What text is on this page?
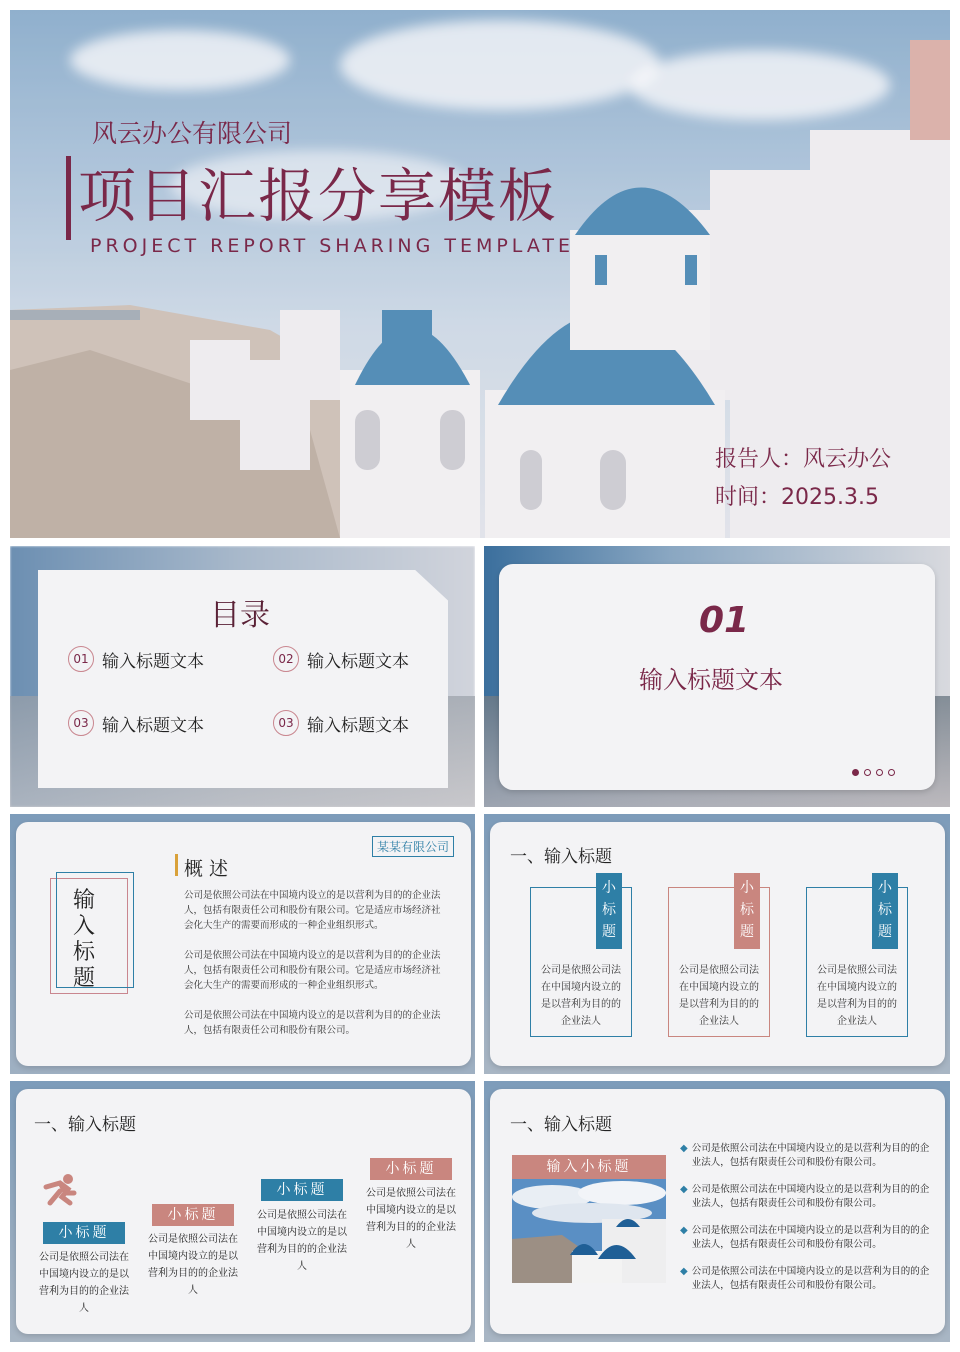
风云办公有限公司
项目汇报分享模板
PROJECT REPORT SHARING TEMPLATE
报告人：风云办公
时间：2025.3.5
目录
01 输入标题文本	02 输入标题文本
03 输入标题文本	03 输入标题文本
01
输入标题文本
某某有限公司
输入标题
概 述
公司是依照公司法在中国境内设立的是以营利为目的的企业法人，包括有限责任公司和股份有限公司。它是适应市场经济社会化大生产的需要而形成的一种企业组织形式。
公司是依照公司法在中国境内设立的是以营利为目的的企业法人，包括有限责任公司和股份有限公司。它是适应市场经济社会化大生产的需要而形成的一种企业组织形式。
公司是依照公司法在中国境内设立的是以营利为目的的企业法人，包括有限责任公司和股份有限公司。
一、输入标题
小标题
公司是依照公司法在中国境内设立的是以营利为目的的企业法人
小标题
公司是依照公司法在中国境内设立的是以营利为目的的企业法人
小标题
公司是依照公司法在中国境内设立的是以营利为目的的企业法人
一、输入标题
小标题
公司是依照公司法在中国境内设立的是以营利为目的的企业法人
小标题
公司是依照公司法在中国境内设立的是以营利为目的的企业法人
小标题
公司是依照公司法在中国境内设立的是以营利为目的的企业法人
小标题
公司是依照公司法在中国境内设立的是以营利为目的的企业法人
一、输入标题
输入小标题
◆ 公司是依照公司法在中国境内设立的是以营利为目的的企业法人，包括有限责任公司和股份有限公司。
◆ 公司是依照公司法在中国境内设立的是以营利为目的的企业法人，包括有限责任公司和股份有限公司。
◆ 公司是依照公司法在中国境内设立的是以营利为目的的企业法人，包括有限责任公司和股份有限公司。
◆ 公司是依照公司法在中国境内设立的是以营利为目的的企业法人，包括有限责任公司和股份有限公司。
